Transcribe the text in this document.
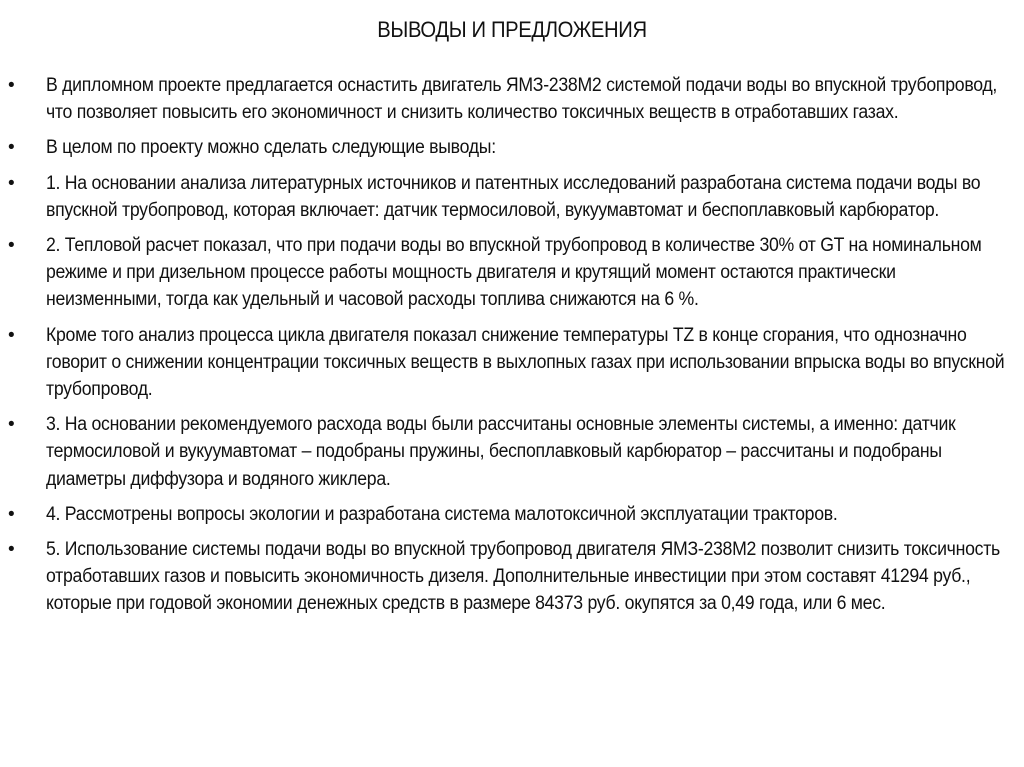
ВЫВОДЫ И ПРЕДЛОЖЕНИЯ
•	В дипломном проекте предлагается оснастить двигатель ЯМЗ-238М2 системой подачи воды во впускной трубопровод, что позволяет повысить его экономичност и снизить количество токсичных веществ в отработавших газах.
•	В целом по проекту можно сделать следующие выводы:
•	1. На основании анализа литературных источников и патентных исследований разработана система подачи воды во впускной трубопровод, которая включает: датчик термосиловой, вукуумавтомат и беспоплавковый карбюратор.
•	2. Тепловой расчет показал, что при подачи воды во впускной трубопровод в количестве 30% от GT на номинальном режиме и при дизельном процессе работы мощность двигателя и крутящий момент остаются практически неизменными, тогда как удельный и часовой расходы топлива снижаются на 6 %.
•	Кроме того анализ процесса цикла двигателя показал снижение температуры TZ в конце сгорания, что однозначно говорит о снижении концентрации токсичных веществ в выхлопных газах при использовании впрыска воды во впускной трубопровод.
•	3. На основании рекомендуемого расхода воды были рассчитаны основные элементы системы, а именно: датчик термосиловой и вукуумавтомат – подобраны пружины, беспоплавковый карбюратор – рассчитаны и подобраны диаметры диффузора и водяного жиклера.
•	4. Рассмотрены вопросы экологии и разработана система малотоксичной эксплуатации тракторов.
•	5. Использование системы подачи воды во впускной трубопровод двигателя ЯМЗ-238М2 позволит снизить токсичность отработавших газов и повысить экономичность дизеля. Дополнительные инвестиции при этом составят 41294 руб., которые при годовой экономии денежных средств в размере 84373 руб. окупятся за 0,49 года, или 6 мес.
